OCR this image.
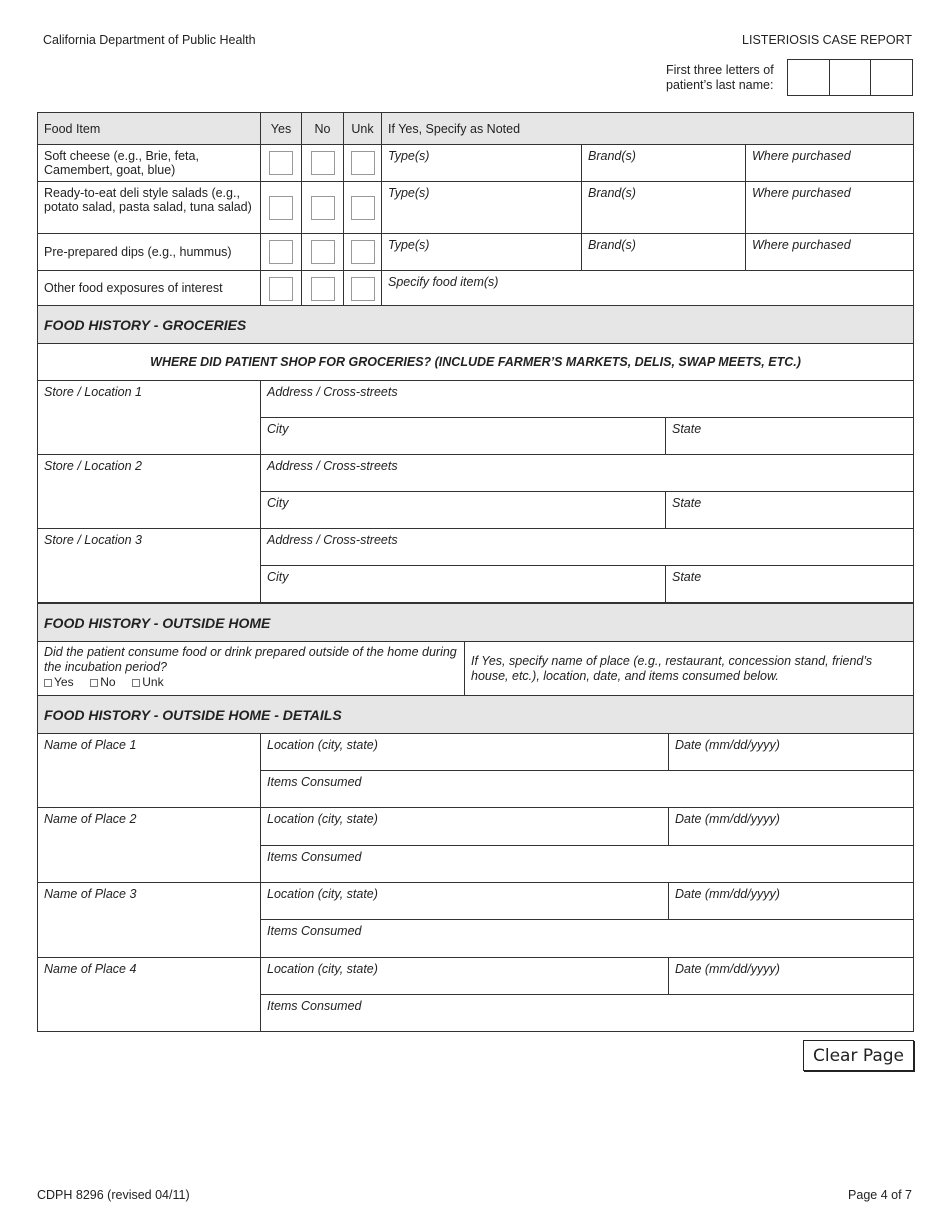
California Department of Public Health	LISTERIOSIS CASE REPORT
First three letters of
patient’s last name:
Food Item	Yes	No	Unk	If Yes, Specify as Noted		
Soft cheese (e.g., Brie, feta, Camembert, goat, blue)				Type(s)	Brand(s)	Where purchased
Ready-to-eat deli style salads (e.g., potato salad, pasta salad, tuna salad)				Type(s)	Brand(s)	Where purchased
Pre-prepared dips (e.g., hummus)				Type(s)	Brand(s)	Where purchased
Other food exposures of interest				Specify food item(s)		
FOOD HISTORY - GROCERIES		
WHERE DID PATIENT SHOP FOR GROCERIES? (INCLUDE FARMER’S MARKETS, DELIS, SWAP MEETS, ETC.)		
Store / Location 1	Address / Cross-streets	
	City	State
Store / Location 2	Address / Cross-streets	
	City	State
Store / Location 3	Address / Cross-streets	
	City	State
FOOD HISTORY - OUTSIDE HOME

Did the patient consume food or drink prepared outside of the home during the incubation period?
Yes No Unk
	If Yes, specify name of place (e.g., restaurant, concession stand, friend’s house, etc.), location, date, and items consumed below.
FOOD HISTORY - OUTSIDE HOME - DETAILS		
Name of Place 1	Location (city, state)	Date (mm/dd/yyyy)
	Items Consumed	
Name of Place 2	Location (city, state)	Date (mm/dd/yyyy)
	Items Consumed	
Name of Place 3	Location (city, state)	Date (mm/dd/yyyy)
	Items Consumed	
Name of Place 4	Location (city, state)	Date (mm/dd/yyyy)
	Items Consumed	
Clear Page
CDPH 8296 (revised 04/11)	Page 4 of 7
